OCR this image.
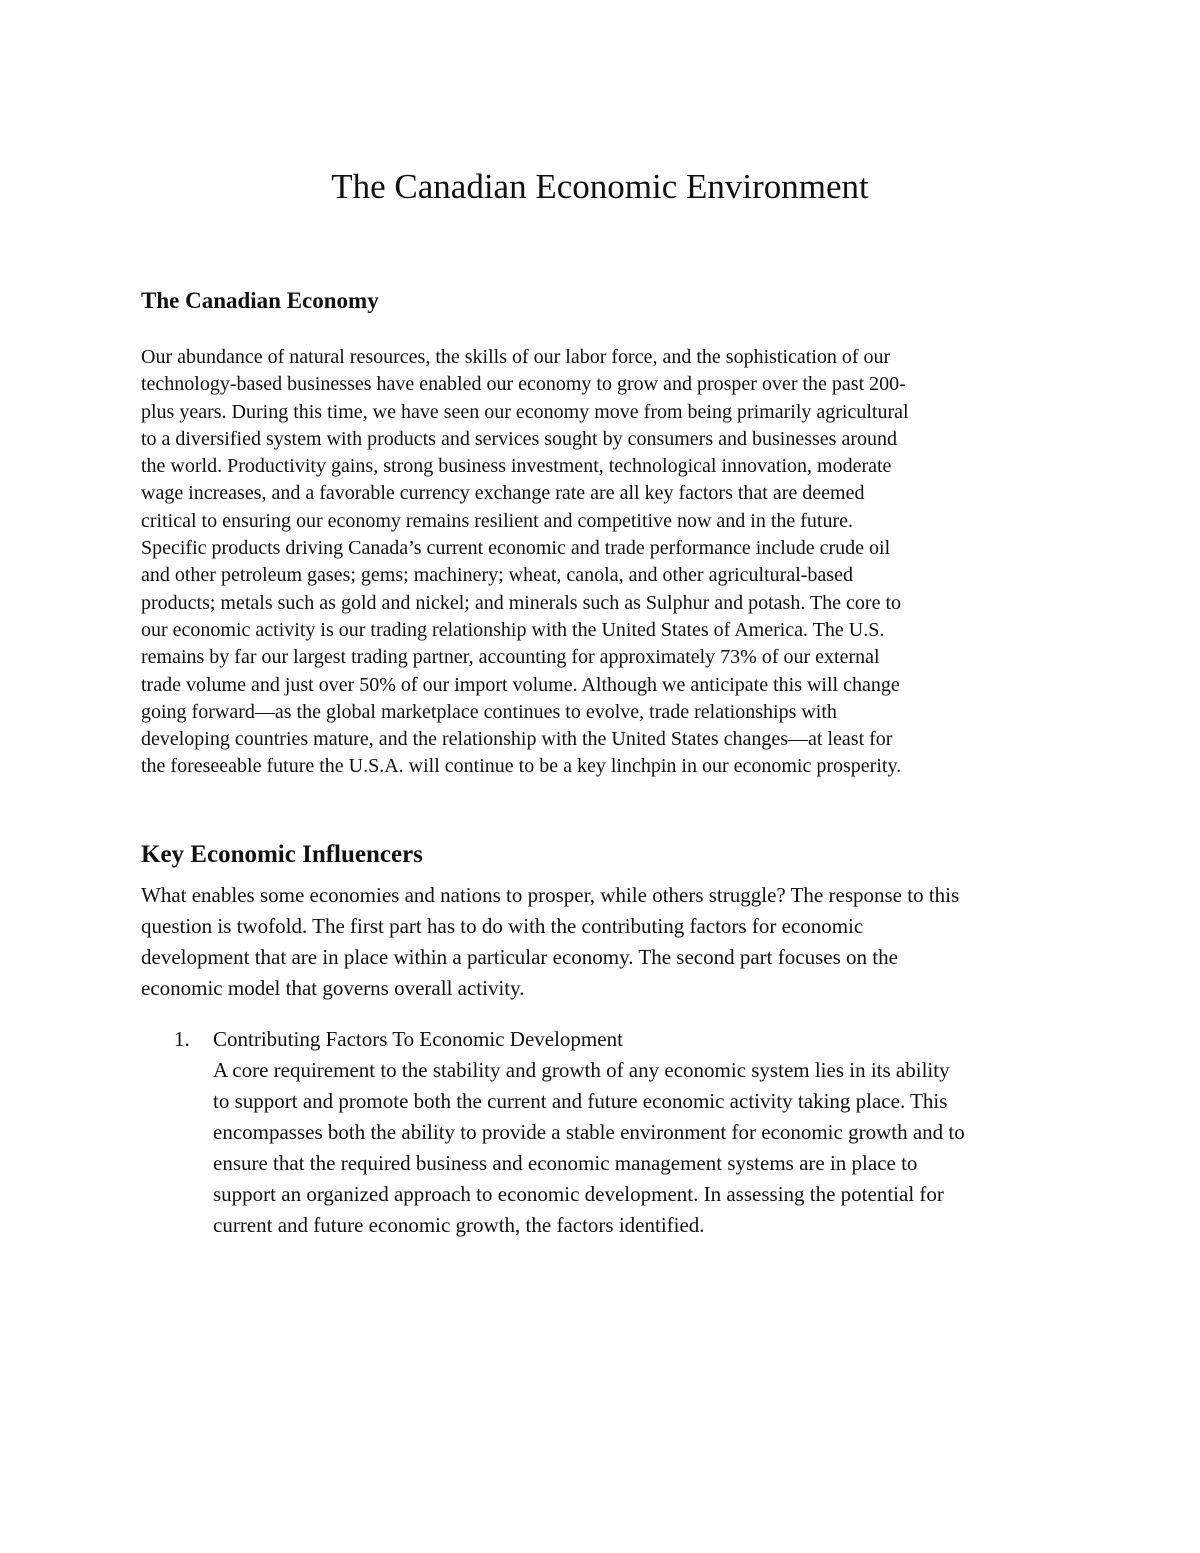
The Canadian Economic Environment
The Canadian Economy

Our abundance of natural resources, the skills of our labor force, and the sophistication of our
technology-based businesses have enabled our economy to grow and prosper over the past 200-
plus years. During this time, we have seen our economy move from being primarily agricultural
to a diversified system with products and services sought by consumers and businesses around
the world. Productivity gains, strong business investment, technological innovation, moderate
wage increases, and a favorable currency exchange rate are all key factors that are deemed
critical to ensuring our economy remains resilient and competitive now and in the future.
Specific products driving Canada’s current economic and trade performance include crude oil
and other petroleum gases; gems; machinery; wheat, canola, and other agricultural-based
products; metals such as gold and nickel; and minerals such as Sulphur and potash. The core to
our economic activity is our trading relationship with the United States of America. The U.S.
remains by far our largest trading partner, accounting for approximately 73% of our external
trade volume and just over 50% of our import volume. Although we anticipate this will change
going forward—as the global marketplace continues to evolve, trade relationships with
developing countries mature, and the relationship with the United States changes—at least for
the foreseeable future the U.S.A. will continue to be a key linchpin in our economic prosperity.

Key Economic Influencers

What enables some economies and nations to prosper, while others struggle? The response to this
question is twofold. The first part has to do with the contributing factors for economic
development that are in place within a particular economy. The second part focuses on the
economic model that governs overall activity.

1. Contributing Factors To Economic Development
A core requirement to the stability and growth of any economic system lies in its ability
to support and promote both the current and future economic activity taking place. This
encompasses both the ability to provide a stable environment for economic growth and to
ensure that the required business and economic management systems are in place to
support an organized approach to economic development. In assessing the potential for
current and future economic growth, the factors identified.
